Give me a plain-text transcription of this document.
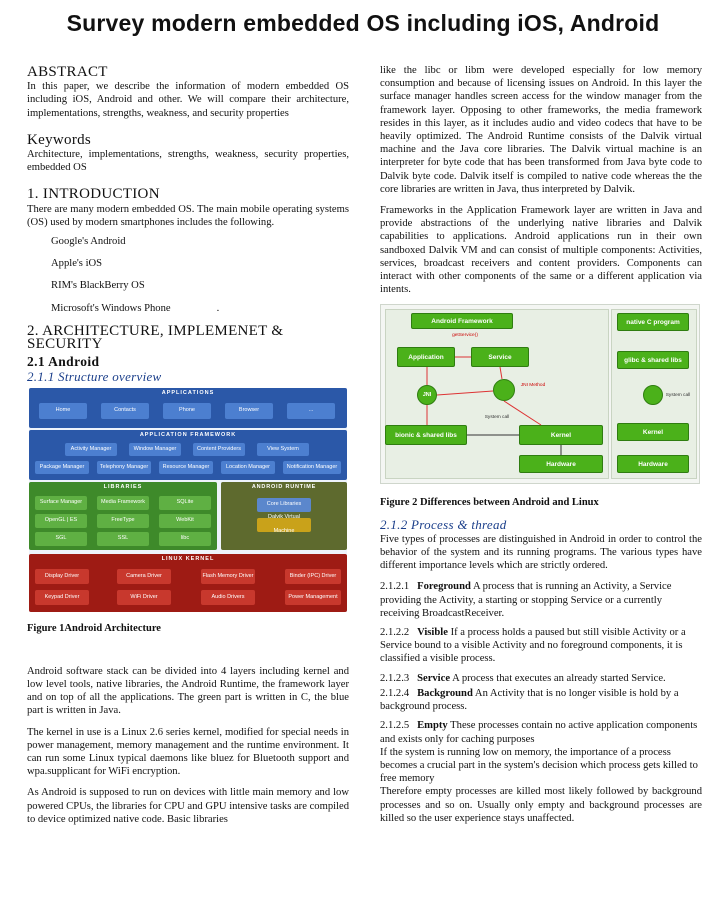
Survey modern embedded OS including iOS, Android
ABSTRACT

In this paper, we describe the information of modern embedded OS including iOS, Android and other. We will compare their architecture, implementations, strengths, weakness, and security properties

Keywords

Architecture, implementations, strengths, weakness, security properties, embedded OS

1. INTRODUCTION

There are many modern embedded OS. The main mobile operating systems (OS) used by modern smartphones includes the following.

Google's Android
Apple's iOS
RIM's BlackBerry OS
Microsoft's Windows Phone	.
2. ARCHITECTURE, IMPLEMENET & SECURITY
2.1 Android
2.1.1 Structure overview
APPLICATIONS
Home	Contacts	Phone	Browser	...
APPLICATION FRAMEWORK
Activity Manager	Window Manager	Content Providers	View System
Package Manager	Telephony Manager	Resource Manager	Location Manager	Notification Manager
LIBRARIES
Surface Manager	Media Framework	SQLite
OpenGL | ES	FreeType	WebKit
SGL	SSL	libc
ANDROID RUNTIME
Core Libraries
Dalvik Virtual Machine
LINUX KERNEL
Display Driver	Camera Driver	Flash Memory Driver	Binder (IPC) Driver
Keypad Driver	WiFi Driver	Audio Drivers	Power Management
Figure 1Android Architecture

Android software stack can be divided into 4 layers including kernel and low level tools, native libraries, the Android Runtime, the framework layer and on top of all the applications. The green part is written in C, the blue part is written in Java.

The kernel in use is a Linux 2.6 series kernel, modified for special needs in power management, memory management and the runtime environment. It can run some Linux typical daemons like bluez for Bluetooth support and wpa.supplicant for WiFi encryption.

As Android is supposed to run on devices with little main memory and low powered CPUs, the libraries for CPU and GPU intensive tasks are compiled to device optimized native code. Basic libraries

like the libc or libm were developed especially for low memory consumption and because of licensing issues on Android. In this layer the surface manager handles screen access for the window manager from the framework layer. Opposing to other frameworks, the media framework resides in this layer, as it includes audio and video codecs that have to be heavily optimized. The Android Runtime consists of the Dalvik virtual machine and the Java core libraries. The Dalvik virtual machine is an interpreter for byte code that has been transformed from Java byte code to Dalvik byte code. Dalvik itself is compiled to native code whereas the the core libraries are written in Java, thus interpreted by Dalvik.

Frameworks in the Application Framework layer are written in Java and provide abstractions of the underlying native libraries and Dalvik capabilities to applications. Android applications run in their own sandboxed Dalvik VM and can consist of multiple components: Activities, services, broadcast receivers and content providers. Components can interact with other components of the same or a different application via intents.

Android Framework
getService()
Application	Service
JNI
JNI Method
System call
bionic & shared libs	Kernel
Hardware
native C program
glibc & shared libs
System call
Kernel
Hardware
Figure 2 Differences between Android and Linux
2.1.2 Process & thread

Five types of processes are distinguished in Android in order to control the behavior of the system and its running programs. The various types have different importance levels which are strictly ordered.

2.1.2.1 Foreground A process that is running an Activity, a Service providing the Activity, a starting or stopping Service or a currently receiving BroadcastReceiver.
2.1.2.2 Visible If a process holds a paused but still visible Activity or a Service bound to a visible Activity and no foreground components, it is classified a visible process.
2.1.2.3 Service A process that executes an already started Service.
2.1.2.4 Background An Activity that is no longer visible is hold by a background process.
2.1.2.5 Empty These processes contain no active application components and exists only for caching purposes
If the system is running low on memory, the importance of a process becomes a crucial part in the system's decision which process gets killed to free memory

Therefore empty processes are killed most likely followed by background processes and so on. Usually only empty and background processes are killed so the user experience stays unaffected.
